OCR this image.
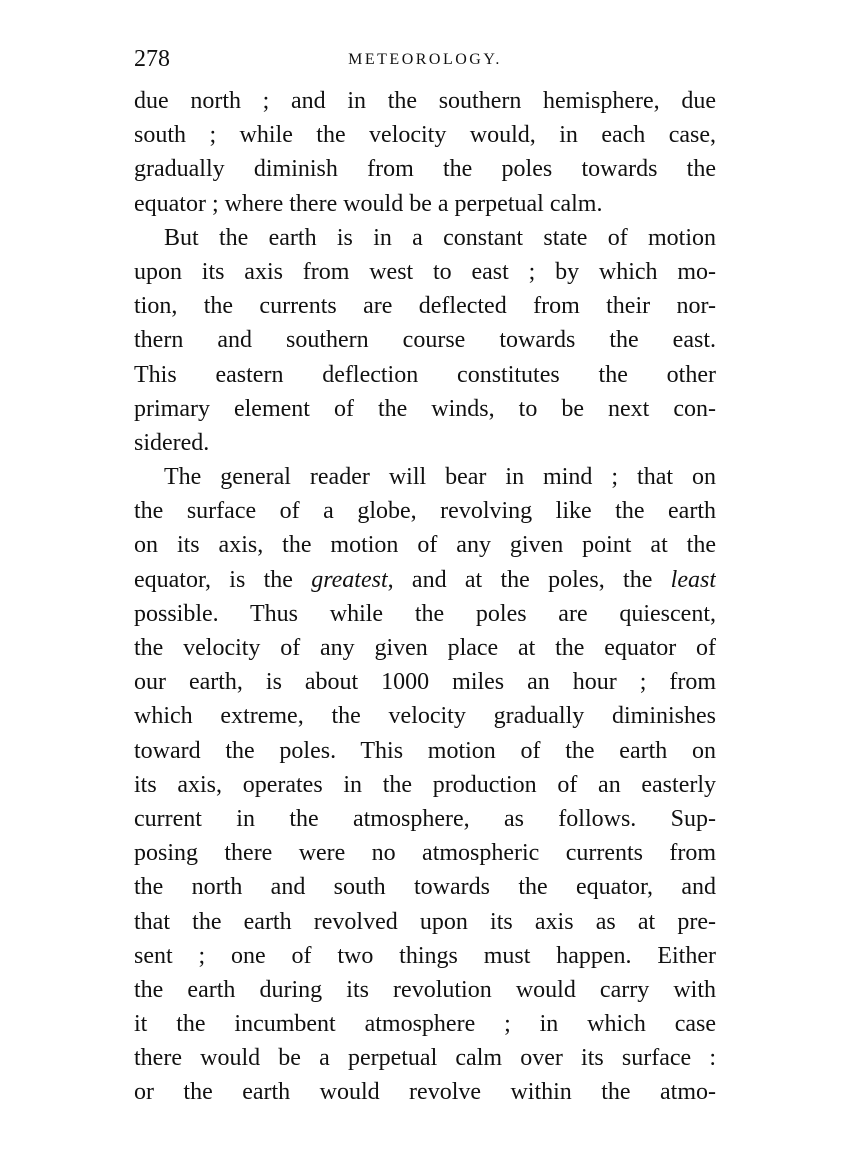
278	METEOROLOGY.
due north ; and in the southern hemisphere, due
south ; while the velocity would, in each case,
gradually diminish from the poles towards the
equator ; where there would be a perpetual calm.
But the earth is in a constant state of motion
upon its axis from west to east ; by which mo-
tion, the currents are deflected from their nor-
thern and southern course towards the east.
This eastern deflection constitutes the other
primary element of the winds, to be next con-
sidered.
The general reader will bear in mind ; that on
the surface of a globe, revolving like the earth
on its axis, the motion of any given point at the
equator, is the greatest, and at the poles, the least
possible. Thus while the poles are quiescent,
the velocity of any given place at the equator of
our earth, is about 1000 miles an hour ; from
which extreme, the velocity gradually diminishes
toward the poles. This motion of the earth on
its axis, operates in the production of an easterly
current in the atmosphere, as follows. Sup-
posing there were no atmospheric currents from
the north and south towards the equator, and
that the earth revolved upon its axis as at pre-
sent ; one of two things must happen. Either
the earth during its revolution would carry with
it the incumbent atmosphere ; in which case
there would be a perpetual calm over its surface :
or the earth would revolve within the atmo-
